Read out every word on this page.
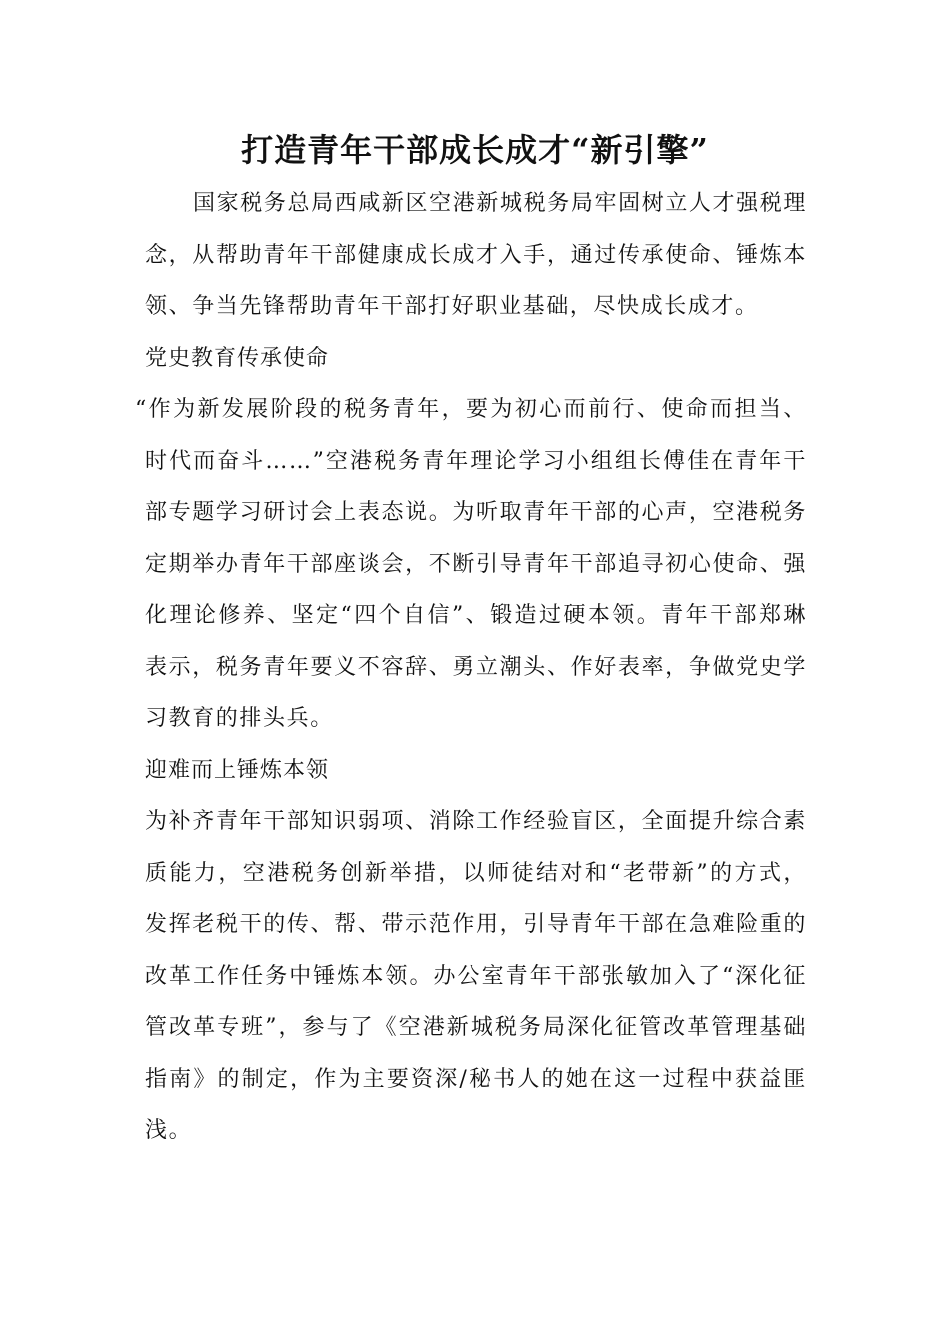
打造青年干部成长成才“新引擎”

国家税务总局西咸新区空港新城税务局牢固树立人才强税理念，从帮助青年干部健康成长成才入手，通过传承使命、锤炼本领、争当先锋帮助青年干部打好职业基础，尽快成长成才。

党史教育传承使命

“作为新发展阶段的税务青年，要为初心而前行、使命而担当、时代而奋斗……”空港税务青年理论学习小组组长傅佳在青年干部专题学习研讨会上表态说。为听取青年干部的心声，空港税务定期举办青年干部座谈会，不断引导青年干部追寻初心使命、强化理论修养、坚定“四个自信”、锻造过硬本领。青年干部郑琳表示，税务青年要义不容辞、勇立潮头、作好表率，争做党史学习教育的排头兵。

迎难而上锤炼本领

为补齐青年干部知识弱项、消除工作经验盲区，全面提升综合素质能力，空港税务创新举措，以师徒结对和“老带新”的方式，发挥老税干的传、帮、带示范作用，引导青年干部在急难险重的改革工作任务中锤炼本领。办公室青年干部张敏加入了“深化征管改革专班”，参与了《空港新城税务局深化征管改革管理基础指南》的制定，作为主要资深/秘书人的她在这一过程中获益匪浅。
